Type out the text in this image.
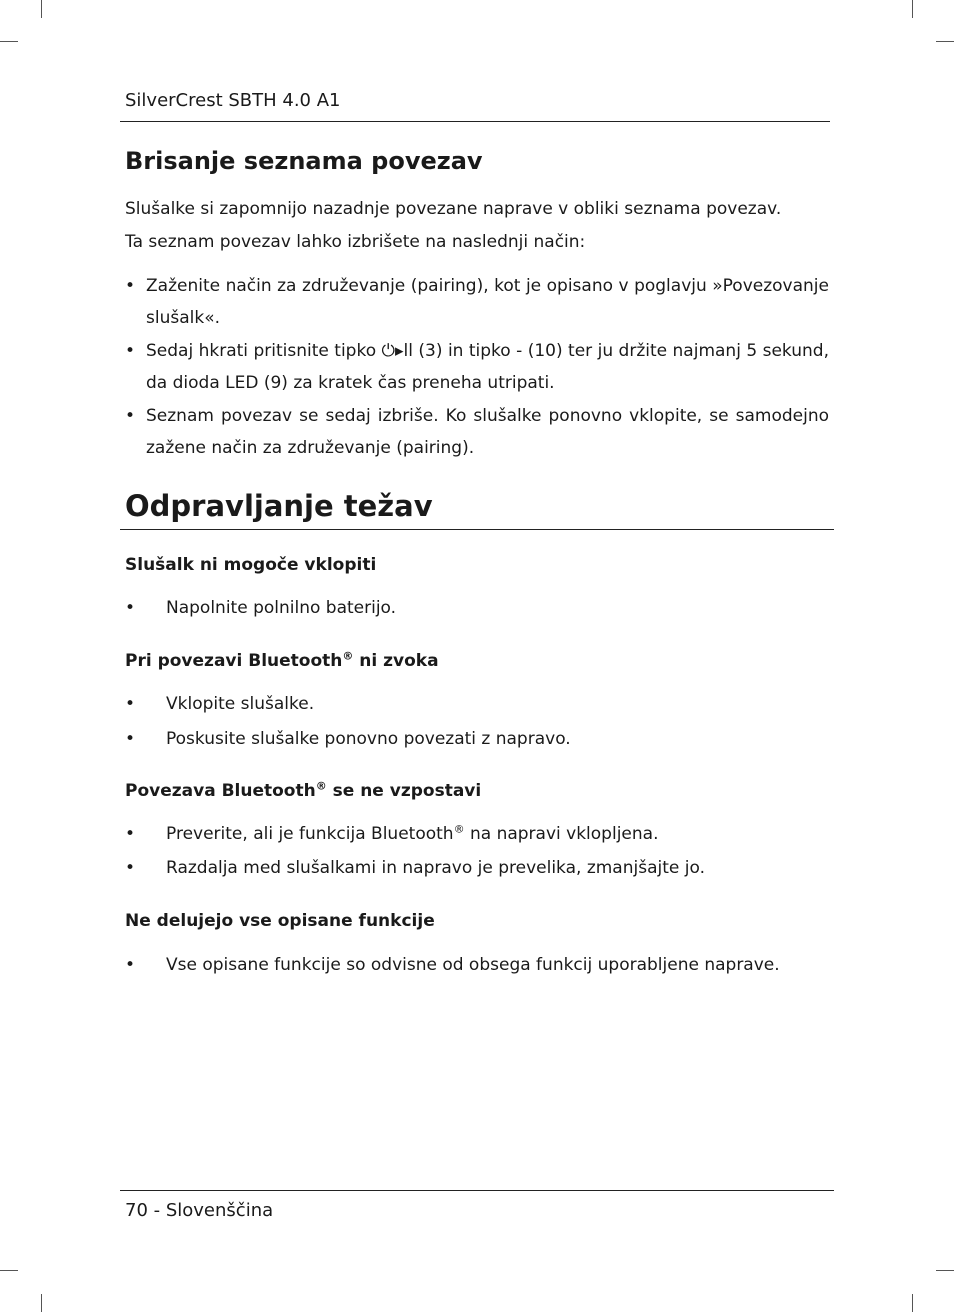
SilverCrest SBTH 4.0 A1
Brisanje seznama povezav
Slušalke si zapomnijo nazadnje povezane naprave v obliki seznama povezav.
Ta seznam povezav lahko izbrišete na naslednji način:
• Zaženite način za združevanje (pairing), kot je opisano v poglavju »Povezovanje slušalk«.
• Sedaj hkrati pritisnite tipko ⏻▸ll (3) in tipko - (10) ter ju držite najmanj 5 sekund, da dioda LED (9) za kratek čas preneha utripati.
• Seznam povezav se sedaj izbriše. Ko slušalke ponovno vklopite, se samodejno zažene način za združevanje (pairing).
Odpravljanje težav
Slušalk ni mogoče vklopiti
• Napolnite polnilno baterijo.
Pri povezavi Bluetooth® ni zvoka
• Vklopite slušalke.
• Poskusite slušalke ponovno povezati z napravo.
Povezava Bluetooth® se ne vzpostavi
• Preverite, ali je funkcija Bluetooth® na napravi vklopljena.
• Razdalja med slušalkami in napravo je prevelika, zmanjšajte jo.
Ne delujejo vse opisane funkcije
• Vse opisane funkcije so odvisne od obsega funkcij uporabljene naprave.
70 - Slovenščina
